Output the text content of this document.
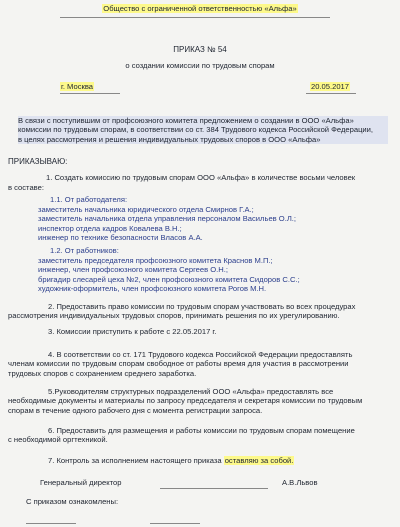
Общество с ограниченной ответственностью «Альфа»
ПРИКАЗ № 54
о создании комиссии по трудовым спорам
г. Москва	20.05.2017
В связи с поступившим от профсоюзного комитета предложением о создании в ООО «Альфа»
комиссии по трудовым спорам, в соответствии со ст. 384 Трудового кодекса Российской Федерации,
в целях рассмотрения и решения индивидуальных трудовых споров в ООО «Альфа»
ПРИКАЗЫВАЮ:
1. Создать комиссию по трудовым спорам ООО «Альфа» в количестве восьми человек
в составе:
1.1. От работодателя:
заместитель начальника юридического отдела Смирнов Г.А.;
заместитель начальника отдела управления персоналом Васильев О.Л.;
инспектор отдела кадров Ковалева В.Н.;
инженер по технике безопасности Власов А.А.
1.2. От работников:
заместитель председателя профсоюзного комитета Краснов М.П.;
инженер, член профсоюзного комитета Сергеев О.Н.;
бригадир слесарей цеха №2, член профсоюзного комитета Сидоров С.С.;
художник-оформитель, член профсоюзного комитета Рогов М.Н.
2. Предоставить право комиссии по трудовым спорам участвовать во всех процедурах
рассмотрения индивидуальных трудовых споров, принимать решения по их урегулированию.
3. Комиссии приступить к работе с 22.05.2017 г.
4. В соответствии со ст. 171 Трудового кодекса Российской Федерации предоставлять
членам комиссии по трудовым спорам свободное от работы время для участия в рассмотрении
трудовых споров с сохранением среднего заработка.
5.Руководителям структурных подразделений ООО «Альфа» предоставлять все
необходимые документы и материалы по запросу председателя и секретаря комиссии по трудовым
спорам в течение одного рабочего дня с момента регистрации запроса.
6. Предоставить для размещения и работы комиссии по трудовым спорам помещение
с необходимой оргтехникой.
7. Контроль за исполнением настоящего приказа оставляю за собой.
Генеральный директор	А.В.Львов
С приказом ознакомлены:
